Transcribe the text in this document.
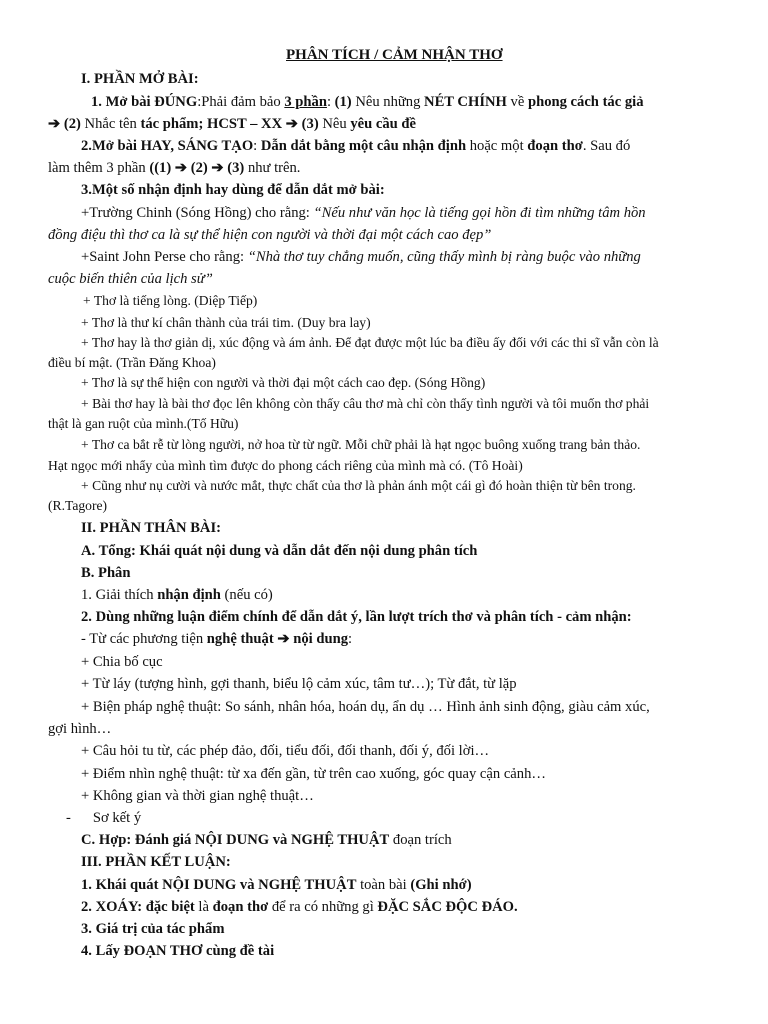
PHÂN TÍCH / CẢM NHẬN THƠ
I. PHẦN MỞ BÀI:
1. Mở bài ĐÚNG:Phải đảm bảo 3 phần: (1) Nêu những NÉT CHÍNH về phong cách tác giả
➔ (2) Nhắc tên tác phẩm; HCST – XX ➔ (3) Nêu yêu cầu đề
2.Mở bài HAY, SÁNG TẠO: Dẫn dắt bằng một câu nhận định hoặc một đoạn thơ. Sau đó
làm thêm 3 phần ((1) ➔ (2) ➔ (3) như trên.
3.Một số nhận định hay dùng để dẫn dắt mở bài:
+Trường Chinh (Sóng Hồng) cho rằng: “Nếu như văn học là tiếng gọi hồn đi tìm những tâm hồn
đồng điệu thì thơ ca là sự thể hiện con người và thời đại một cách cao đẹp”
+Saint John Perse cho rằng: “Nhà thơ tuy chẳng muốn, cũng thấy mình bị ràng buộc vào những
cuộc biến thiên của lịch sử”
+ Thơ là tiếng lòng. (Diệp Tiếp)
+ Thơ là thư kí chân thành của trái tim. (Duy bra lay)
+ Thơ hay là thơ giản dị, xúc động và ám ảnh. Để đạt được một lúc ba điều ấy đối với các thi sĩ vẫn còn là
điều bí mật. (Trần Đăng Khoa)
+ Thơ là sự thể hiện con người và thời đại một cách cao đẹp. (Sóng Hồng)
+ Bài thơ hay là bài thơ đọc lên không còn thấy câu thơ mà chỉ còn thấy tình người và tôi muốn thơ phải
thật là gan ruột của mình.(Tố Hữu)
+ Thơ ca bắt rễ từ lòng người, nở hoa từ từ ngữ. Mỗi chữ phải là hạt ngọc buông xuống trang bản thảo.
Hạt ngọc mới nhẩy của mình tìm được do phong cách riêng của mình mà có. (Tô Hoài)
+ Cũng như nụ cười và nước mắt, thực chất của thơ là phản ánh một cái gì đó hoàn thiện từ bên trong.
(R.Tagore)
II. PHẦN THÂN BÀI:
A. Tổng: Khái quát nội dung và dẫn dắt đến nội dung phân tích
B. Phân
1. Giải thích nhận định (nếu có)
2. Dùng những luận điểm chính để dẫn dắt ý, lần lượt trích thơ và phân tích - cảm nhận:
- Từ các phương tiện nghệ thuật ➔ nội dung:
+ Chia bố cục
+ Từ láy (tượng hình, gợi thanh, biểu lộ cảm xúc, tâm tư…); Từ đắt, từ lặp
+ Biện pháp nghệ thuật: So sánh, nhân hóa, hoán dụ, ẩn dụ … Hình ảnh sinh động, giàu cảm xúc,
gợi hình…
+ Câu hỏi tu từ, các phép đảo, đối, tiểu đối, đối thanh, đối ý, đối lời…
+ Điểm nhìn nghệ thuật: từ xa đến gần, từ trên cao xuống, góc quay cận cảnh…
+ Không gian và thời gian nghệ thuật…
- Sơ kết ý
C. Hợp: Đánh giá NỘI DUNG và NGHỆ THUẬT đoạn trích
III. PHẦN KẾT LUẬN:
1. Khái quát NỘI DUNG và NGHỆ THUẬT toàn bài (Ghi nhớ)
2. XOÁY: đặc biệt là đoạn thơ để ra có những gì ĐẶC SẮC ĐỘC ĐÁO.
3. Giá trị của tác phẩm
4. Lấy ĐOẠN THƠ cùng đề tài
